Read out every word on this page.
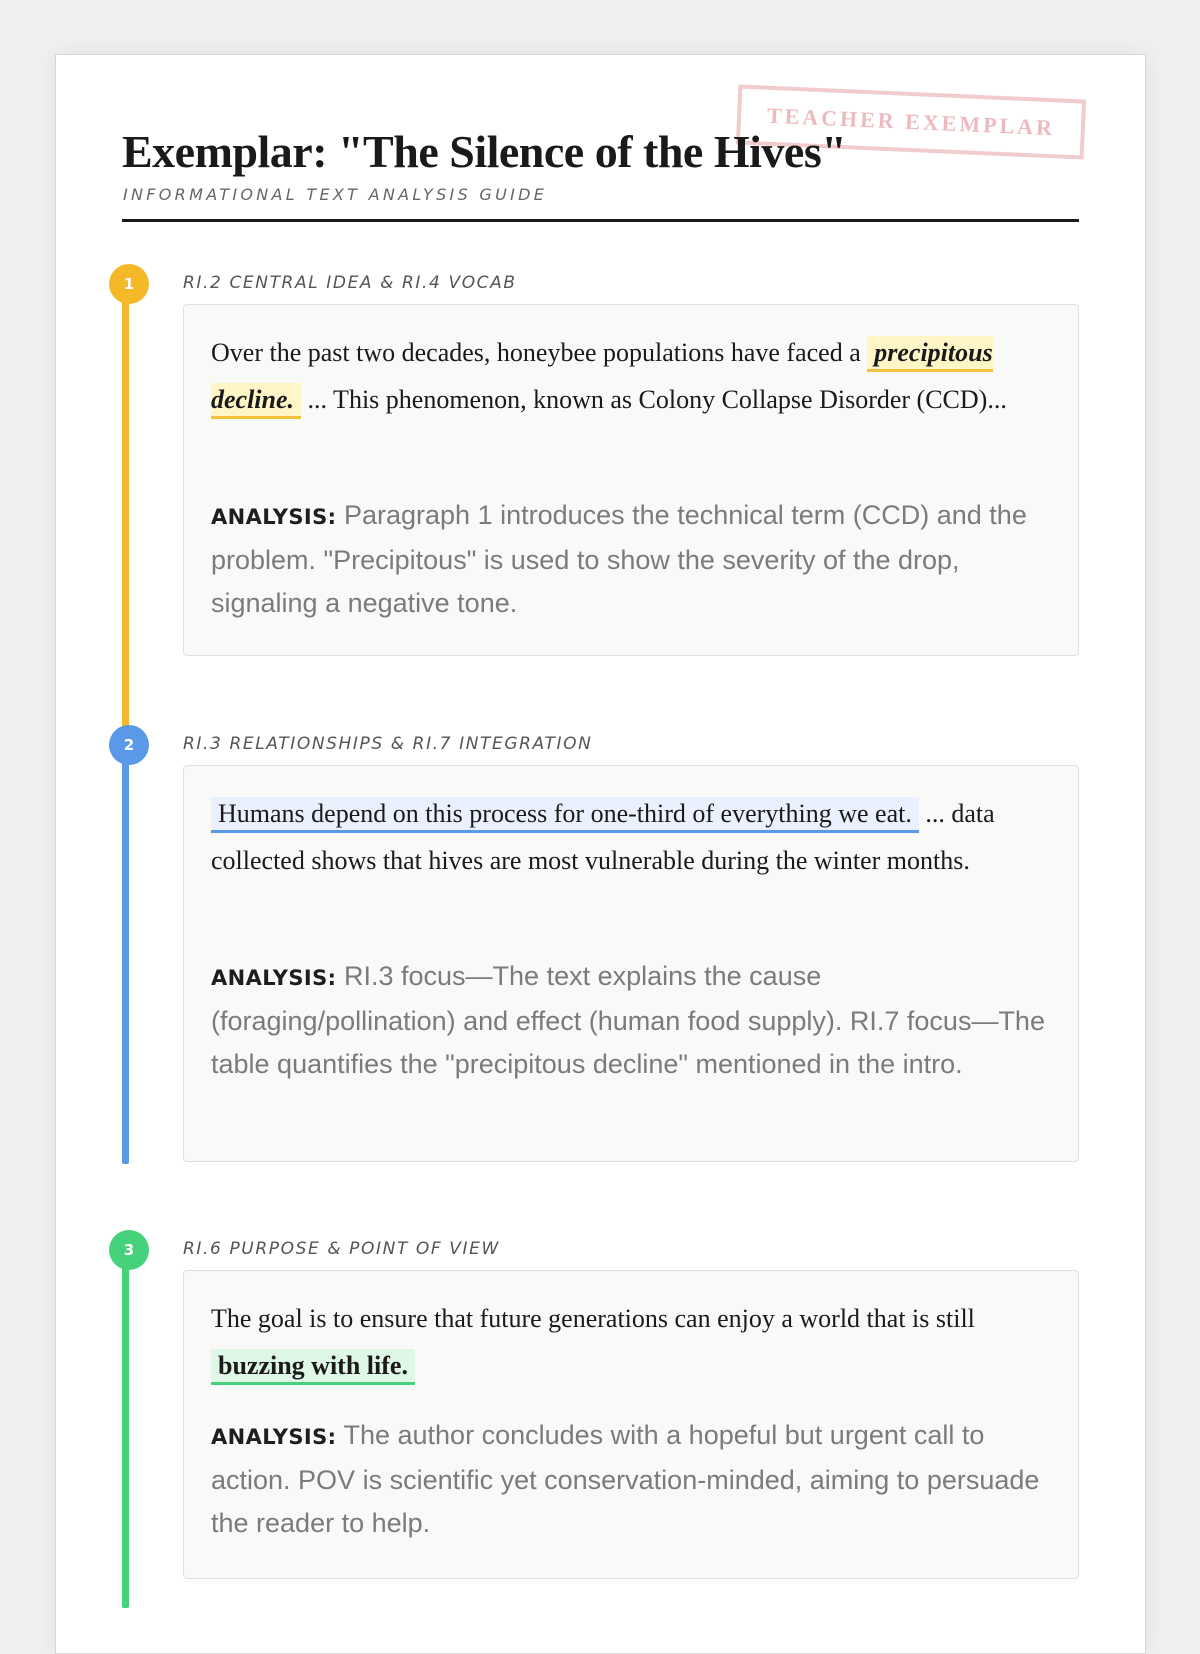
TEACHER EXEMPLAR
Exemplar: "The Silence of the Hives"
INFORMATIONAL TEXT ANALYSIS GUIDE
1	RI.2 CENTRAL IDEA & RI.4 VOCAB

Over the past two decades, honeybee populations have faced a precipitous decline. ... This phenomenon, known as Colony Collapse Disorder (CCD)...

ANALYSIS: Paragraph 1 introduces the technical term (CCD) and the problem. "Precipitous" is used to show the severity of the drop, signaling a negative tone.

2	RI.3 RELATIONSHIPS & RI.7 INTEGRATION

Humans depend on this process for one-third of everything we eat. ... data collected shows that hives are most vulnerable during the winter months.

ANALYSIS: RI.3 focus—The text explains the cause (foraging/pollination) and effect (human food supply). RI.7 focus—The table quantifies the "precipitous decline" mentioned in the intro.

3	RI.6 PURPOSE & POINT OF VIEW

The goal is to ensure that future generations can enjoy a world that is still buzzing with life.

ANALYSIS: The author concludes with a hopeful but urgent call to action. POV is scientific yet conservation-minded, aiming to persuade the reader to help.
